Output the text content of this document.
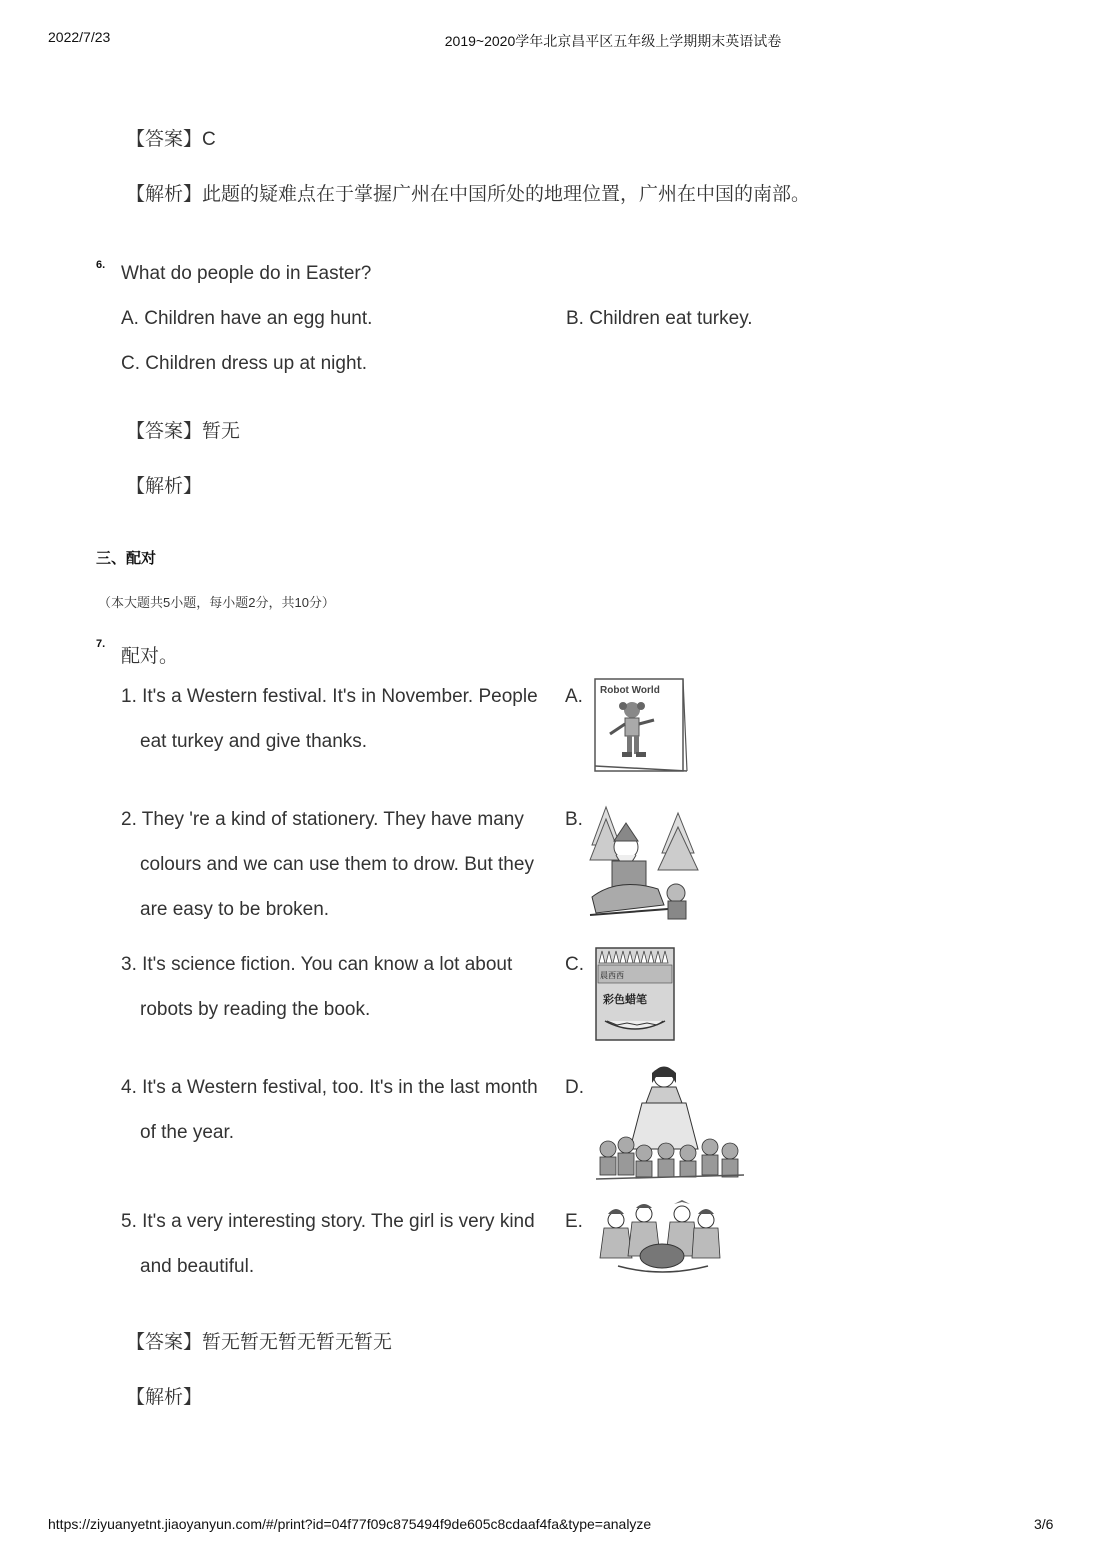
2022/7/23	2019~2020学年北京昌平区五年级上学期期末英语试卷
【答案】C
【解析】此题的疑难点在于掌握广州在中国所处的地理位置，广州在中国的南部。
6. What do people do in Easter?
A. Children have an egg hunt.	B. Children eat turkey.
C. Children dress up at night.
【答案】暂无
【解析】
三、配对
（本大题共5小题，每小题2分，共10分）
7.
配对。
1. It's a Western festival. It's in November. People
eat turkey and give thanks.
2. They 're a kind of stationery. They have many
colours and we can use them to drow. But they
are easy to be broken.
3. It's science fiction. You can know a lot about
robots by reading the book.
4. It's a Western festival, too. It's in the last month
of the year.
5. It's a very interesting story. The girl is very kind
and beautiful.
A.
B.
C.
D.
E.
Robot World
晨西西
彩色蜡笔
【答案】暂无暂无暂无暂无暂无
【解析】
https://ziyuanyetnt.jiaoyanyun.com/#/print?id=04f77f09c875494f9de605c8cdaaf4fa&type=analyze	3/6
